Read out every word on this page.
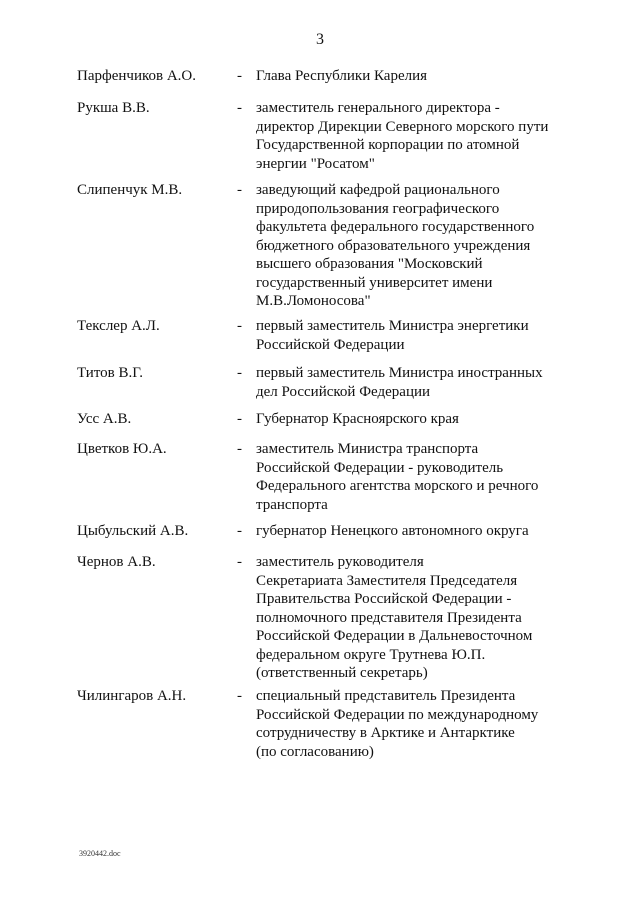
3
Парфенчиков А.О.	- Глава Республики Карелия
Рукша В.В.	- заместитель генерального директора -
директор Дирекции Северного морского пути
Государственной корпорации по атомной
энергии "Росатом"
Слипенчук М.В.	- заведующий кафедрой рационального
природопользования географического
факультета федерального государственного
бюджетного образовательного учреждения
высшего образования "Московский
государственный университет имени
М.В.Ломоносова"
Текслер А.Л.	- первый заместитель Министра энергетики
Российской Федерации
Титов В.Г.	- первый заместитель Министра иностранных
дел Российской Федерации
Усс А.В.	- Губернатор Красноярского края
Цветков Ю.А.	- заместитель Министра транспорта
Российской Федерации - руководитель
Федерального агентства морского и речного
транспорта
Цыбульский А.В.	- губернатор Ненецкого автономного округа
Чернов А.В.	- заместитель руководителя
Секретариата Заместителя Председателя
Правительства Российской Федерации -
полномочного представителя Президента
Российской Федерации в Дальневосточном
федеральном округе Трутнева Ю.П.
(ответственный секретарь)
Чилингаров А.Н.	- специальный представитель Президента
Российской Федерации по международному
сотрудничеству в Арктике и Антарктике
(по согласованию)
3920442.doc
